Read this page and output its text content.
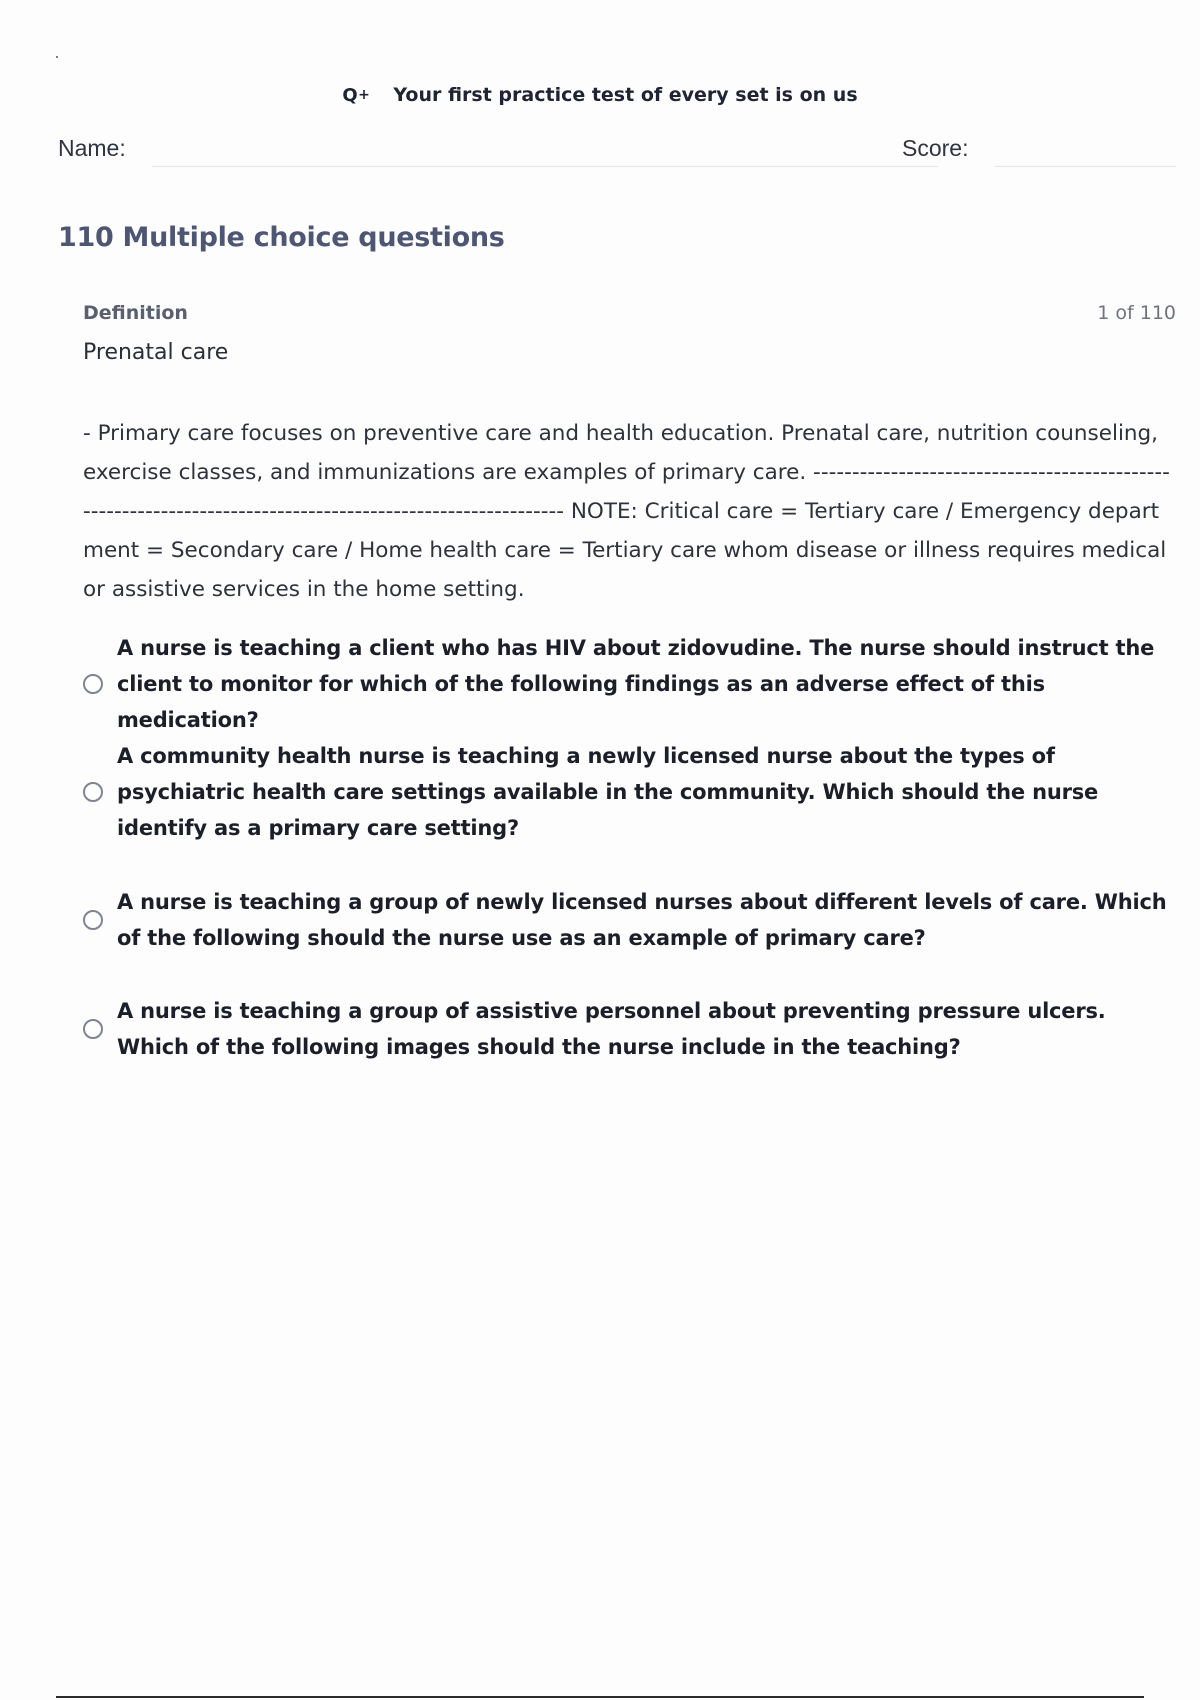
Q + Your first practice test of every set is on us
Name:	Score:
110 Multiple choice questions
Definition	1 of 110
Prenatal care
- Primary care focuses on preventive care and health education. Prenatal care, nutrition counseling, exercise classes, and immunizations are examples of primary care. ------------------------------------------------------------------------------------------------------------ NOTE: Critical care = Tertiary care / Emergency department = Secondary care / Home health care = Tertiary care whom disease or illness requires medical or assistive services in the home setting.
A nurse is teaching a client who has HIV about zidovudine. The nurse should instruct the client to monitor for which of the following findings as an adverse effect of this medication?
A community health nurse is teaching a newly licensed nurse about the types of psychiatric health care settings available in the community. Which should the nurse identify as a primary care setting?
A nurse is teaching a group of newly licensed nurses about different levels of care. Which of the following should the nurse use as an example of primary care?
A nurse is teaching a group of assistive personnel about preventing pressure ulcers. Which of the following images should the nurse include in the teaching?
